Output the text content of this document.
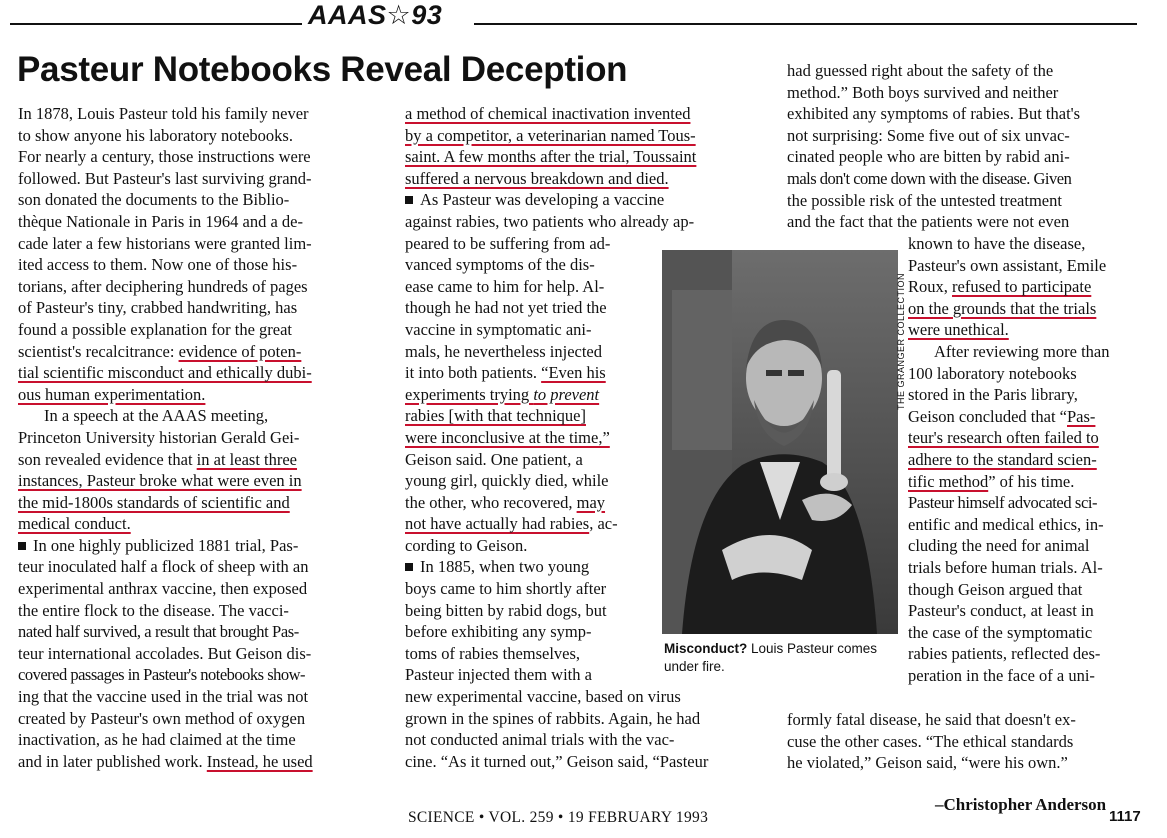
AAAS☆93
Pasteur Notebooks Reveal Deception
In 1878, Louis Pasteur told his family never
to show anyone his laboratory notebooks.
For nearly a century, those instructions were
followed. But Pasteur's last surviving grand-
son donated the documents to the Biblio-
thèque Nationale in Paris in 1964 and a de-
cade later a few historians were granted lim-
ited access to them. Now one of those his-
torians, after deciphering hundreds of pages
of Pasteur's tiny, crabbed handwriting, has
found a possible explanation for the great
scientist's recalcitrance: evidence of poten-
tial scientific misconduct and ethically dubi-
ous human experimentation.
In a speech at the AAAS meeting,
Princeton University historian Gerald Gei-
son revealed evidence that in at least three
instances, Pasteur broke what were even in
the mid-1800s standards of scientific and
medical conduct.
In one highly publicized 1881 trial, Pas-
teur inoculated half a flock of sheep with an
experimental anthrax vaccine, then exposed
the entire flock to the disease. The vacci-
nated half survived, a result that brought Pas-
teur international accolades. But Geison dis-
covered passages in Pasteur's notebooks show-
ing that the vaccine used in the trial was not
created by Pasteur's own method of oxygen
inactivation, as he had claimed at the time
and in later published work. Instead, he used
a method of chemical inactivation invented
by a competitor, a veterinarian named Tous-
saint. A few months after the trial, Toussaint
suffered a nervous breakdown and died.
As Pasteur was developing a vaccine
against rabies, two patients who already ap-
peared to be suffering from ad-
vanced symptoms of the dis-
ease came to him for help. Al-
though he had not yet tried the
vaccine in symptomatic ani-
mals, he nevertheless injected
it into both patients. “Even his
experiments trying to prevent
rabies [with that technique]
were inconclusive at the time,”
Geison said. One patient, a
young girl, quickly died, while
the other, who recovered, may
not have actually had rabies, ac-
cording to Geison.
In 1885, when two young
boys came to him shortly after
being bitten by rabid dogs, but
before exhibiting any symp-
toms of rabies themselves,
Pasteur injected them with a
new experimental vaccine, based on virus
grown in the spines of rabbits. Again, he had
not conducted animal trials with the vac-
cine. “As it turned out,” Geison said, “Pasteur
THE GRANGER COLLECTION
Misconduct? Louis Pasteur comes under fire.
had guessed right about the safety of the
method.” Both boys survived and neither
exhibited any symptoms of rabies. But that's
not surprising: Some five out of six unvac-
cinated people who are bitten by rabid ani-
mals don't come down with the disease. Given
the possible risk of the untested treatment
and the fact that the patients were not even
known to have the disease,
Pasteur's own assistant, Emile
Roux, refused to participate
on the grounds that the trials
were unethical.
After reviewing more than
100 laboratory notebooks
stored in the Paris library,
Geison concluded that “Pas-
teur's research often failed to
adhere to the standard scien-
tific method” of his time.
Pasteur himself advocated sci-
entific and medical ethics, in-
cluding the need for animal
trials before human trials. Al-
though Geison argued that
Pasteur's conduct, at least in
the case of the symptomatic
rabies patients, reflected des-
peration in the face of a uni-
formly fatal disease, he said that doesn't ex-
cuse the other cases. “The ethical standards
he violated,” Geison said, “were his own.”
–Christopher Anderson
SCIENCE • VOL. 259 • 19 FEBRUARY 1993	1117
